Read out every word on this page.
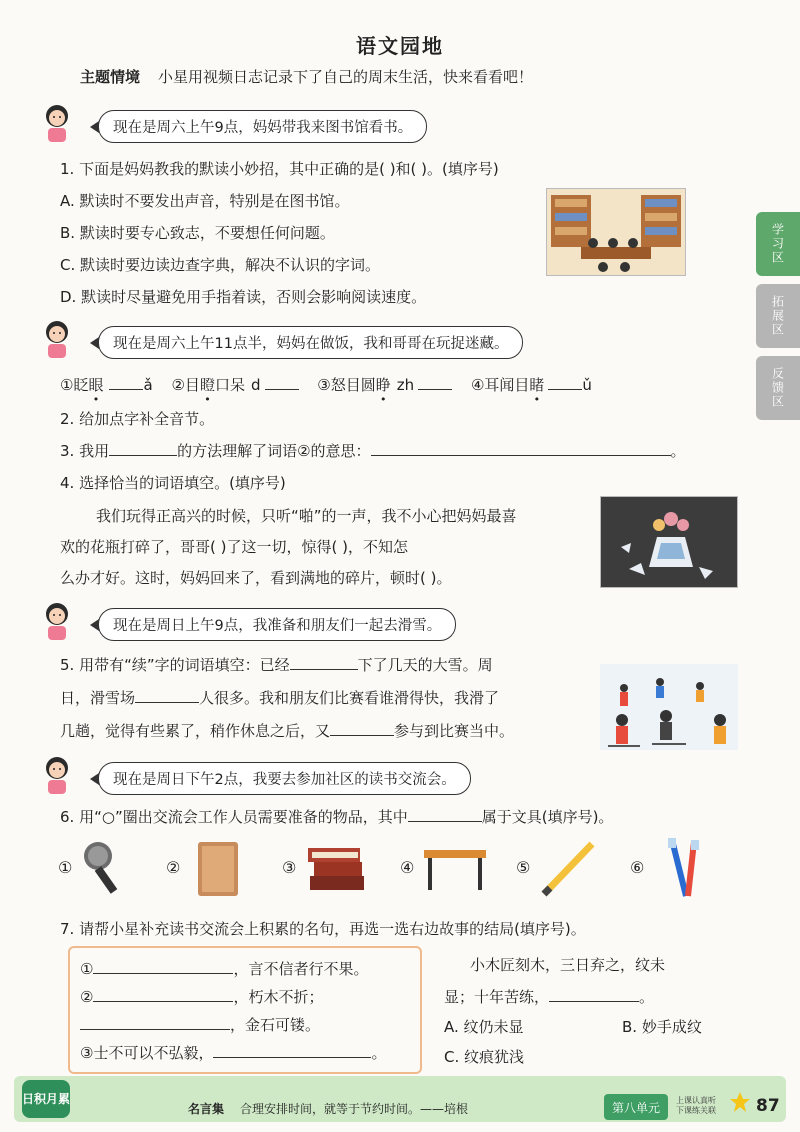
语文园地
主题情境 小星用视频日志记录下了自己的周末生活，快来看看吧！
学习区
拓展区
反馈区
现在是周六上午9点，妈妈带我来图书馆看书。
现在是周六上午11点半，妈妈在做饭，我和哥哥在玩捉迷藏。
现在是周日上午9点，我准备和朋友们一起去滑雪。
现在是周日下午2点，我要去参加社区的读书交流会。
1. 下面是妈妈教我的默读小妙招，其中正确的是( )和( )。(填序号)
A. 默读时不要发出声音，特别是在图书馆。
B. 默读时要专心致志，不要想任何问题。
C. 默读时要边读边查字典，解决不认识的字词。
D. 默读时尽量避免用手指着读，否则会影响阅读速度。
①眨眼	ǎ ②目瞪口呆 d	③怒目圆睁 zh	④耳闻目睹	ǔ
2. 给加点字补全音节。
3. 我用	的方法理解了词语②的意思：	。
4. 选择恰当的词语填空。(填序号)
我们玩得正高兴的时候，只听“啪”的一声，我不小心把妈妈最喜
欢的花瓶打碎了，哥哥( )了这一切，惊得( )，不知怎
么办才好。这时，妈妈回来了，看到满地的碎片，顿时( )。
5. 用带有“续”字的词语填空：已经	下了几天的大雪。周
日，滑雪场	人很多。我和朋友们比赛看谁滑得快，我滑了
几趟，觉得有些累了，稍作休息之后，又	参与到比赛当中。
6. 用“○”圈出交流会工作人员需要准备的物品，其中	属于文具(填序号)。
①	②	③	④	⑤	⑥
7. 请帮小星补充读书交流会上积累的名句，再选一选右边故事的结局(填序号)。
①	，言不信者行不果。
②	，朽木不折；
，金石可镂。
③士不可以不弘毅，	。
小木匠刻木，三日弃之，纹未
显；十年苦练，	。
A. 纹仍未显	B. 妙手成纹
C. 纹痕犹浅
日积月累
名言集 合理安排时间，就等于节约时间。——培根	第八单元	上课认真听 下课练关联	87
